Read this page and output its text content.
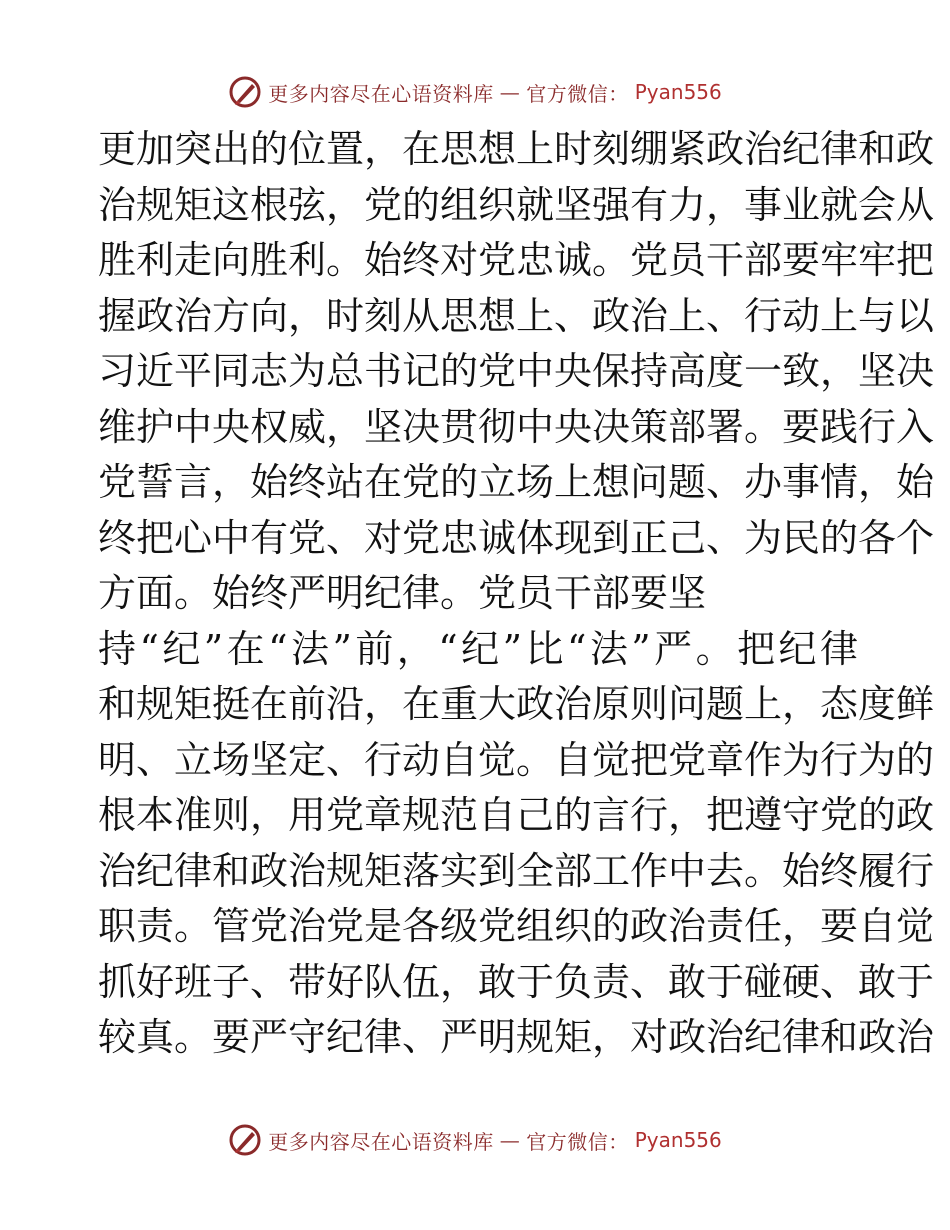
更多内容尽在心语资料库 — 官方微信： Pyan556
更加突出的位置，在思想上时刻绷紧政治纪律和政
治规矩这根弦，党的组织就坚强有力，事业就会从
胜利走向胜利。始终对党忠诚。党员干部要牢牢把
握政治方向，时刻从思想上、政治上、行动上与以
习近平同志为总书记的党中央保持高度一致，坚决
维护中央权威，坚决贯彻中央决策部署。要践行入
党誓言，始终站在党的立场上想问题、办事情，始
终把心中有党、对党忠诚体现到正己、为民的各个
方面。始终严明纪律。党员干部要坚
持“纪”在“法”前，“纪”比“法”严。把纪律
和规矩挺在前沿，在重大政治原则问题上，态度鲜
明、立场坚定、行动自觉。自觉把党章作为行为的
根本准则，用党章规范自己的言行，把遵守党的政
治纪律和政治规矩落实到全部工作中去。始终履行
职责。管党治党是各级党组织的政治责任，要自觉
抓好班子、带好队伍，敢于负责、敢于碰硬、敢于
较真。要严守纪律、严明规矩，对政治纪律和政治
更多内容尽在心语资料库 — 官方微信： Pyan556
